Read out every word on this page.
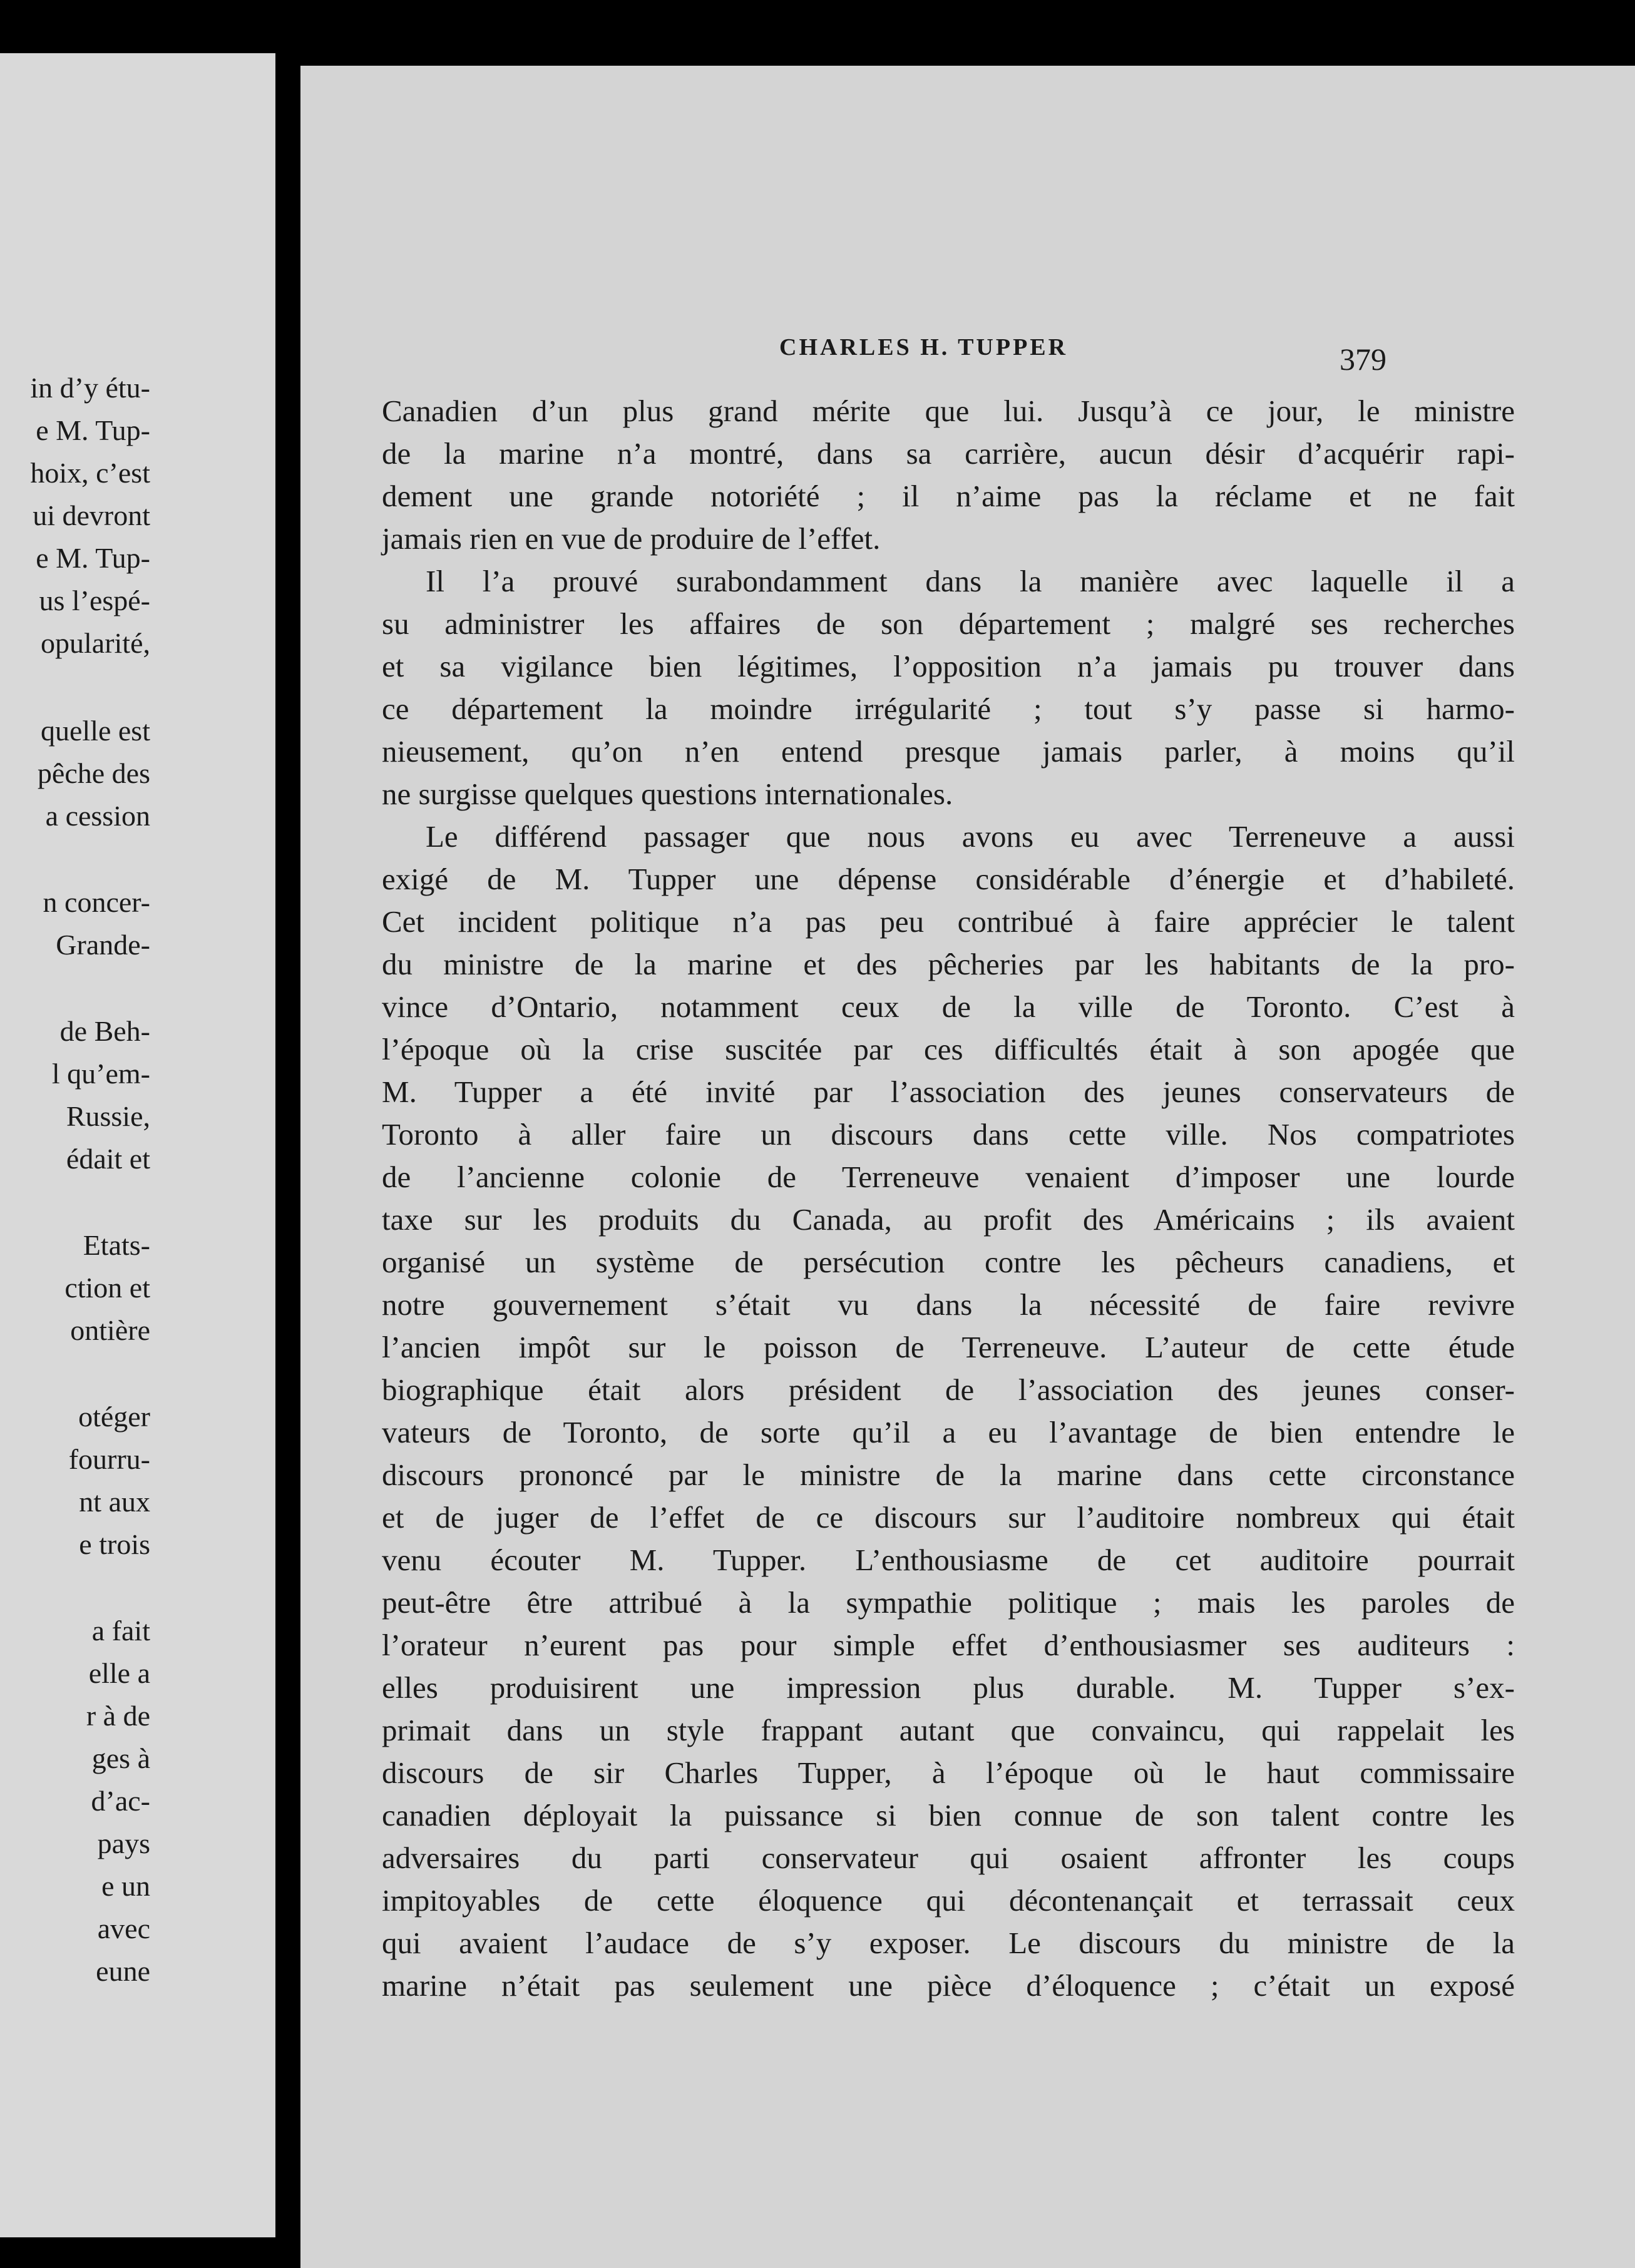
in d’y étu-
e M. Tup-
hoix, c’est
ui devront
e M. Tup-
us l’espé-
opularité,
quelle est
pêche des
a cession
n concer-
Grande-
de Beh-
l qu’em-
Russie,
édait et
Etats-
ction et
ontière
otéger
fourru-
nt aux
e trois
a fait
elle a
r à de
ges à
d’ac-
pays
e un
avec
eune
CHARLES H. TUPPER	379
Canadien d’un plus grand mérite que lui. Jusqu’à ce jour, le ministre
de la marine n’a montré, dans sa carrière, aucun désir d’acquérir rapi-
dement une grande notoriété ; il n’aime pas la réclame et ne fait
jamais rien en vue de produire de l’effet.
Il l’a prouvé surabondamment dans la manière avec laquelle il a
su administrer les affaires de son département ; malgré ses recherches
et sa vigilance bien légitimes, l’opposition n’a jamais pu trouver dans
ce département la moindre irrégularité ; tout s’y passe si harmo-
nieusement, qu’on n’en entend presque jamais parler, à moins qu’il
ne surgisse quelques questions internationales.
Le différend passager que nous avons eu avec Terreneuve a aussi
exigé de M. Tupper une dépense considérable d’énergie et d’habileté.
Cet incident politique n’a pas peu contribué à faire apprécier le talent
du ministre de la marine et des pêcheries par les habitants de la pro-
vince d’Ontario, notamment ceux de la ville de Toronto. C’est à
l’époque où la crise suscitée par ces difficultés était à son apogée que
M. Tupper a été invité par l’association des jeunes conservateurs de
Toronto à aller faire un discours dans cette ville. Nos compatriotes
de l’ancienne colonie de Terreneuve venaient d’imposer une lourde
taxe sur les produits du Canada, au profit des Américains ; ils avaient
organisé un système de persécution contre les pêcheurs canadiens, et
notre gouvernement s’était vu dans la nécessité de faire revivre
l’ancien impôt sur le poisson de Terreneuve. L’auteur de cette étude
biographique était alors président de l’association des jeunes conser-
vateurs de Toronto, de sorte qu’il a eu l’avantage de bien entendre le
discours prononcé par le ministre de la marine dans cette circonstance
et de juger de l’effet de ce discours sur l’auditoire nombreux qui était
venu écouter M. Tupper. L’enthousiasme de cet auditoire pourrait
peut-être être attribué à la sympathie politique ; mais les paroles de
l’orateur n’eurent pas pour simple effet d’enthousiasmer ses auditeurs :
elles produisirent une impression plus durable. M. Tupper s’ex-
primait dans un style frappant autant que convaincu, qui rappelait les
discours de sir Charles Tupper, à l’époque où le haut commissaire
canadien déployait la puissance si bien connue de son talent contre les
adversaires du parti conservateur qui osaient affronter les coups
impitoyables de cette éloquence qui décontenançait et terrassait ceux
qui avaient l’audace de s’y exposer. Le discours du ministre de la
marine n’était pas seulement une pièce d’éloquence ; c’était un exposé
